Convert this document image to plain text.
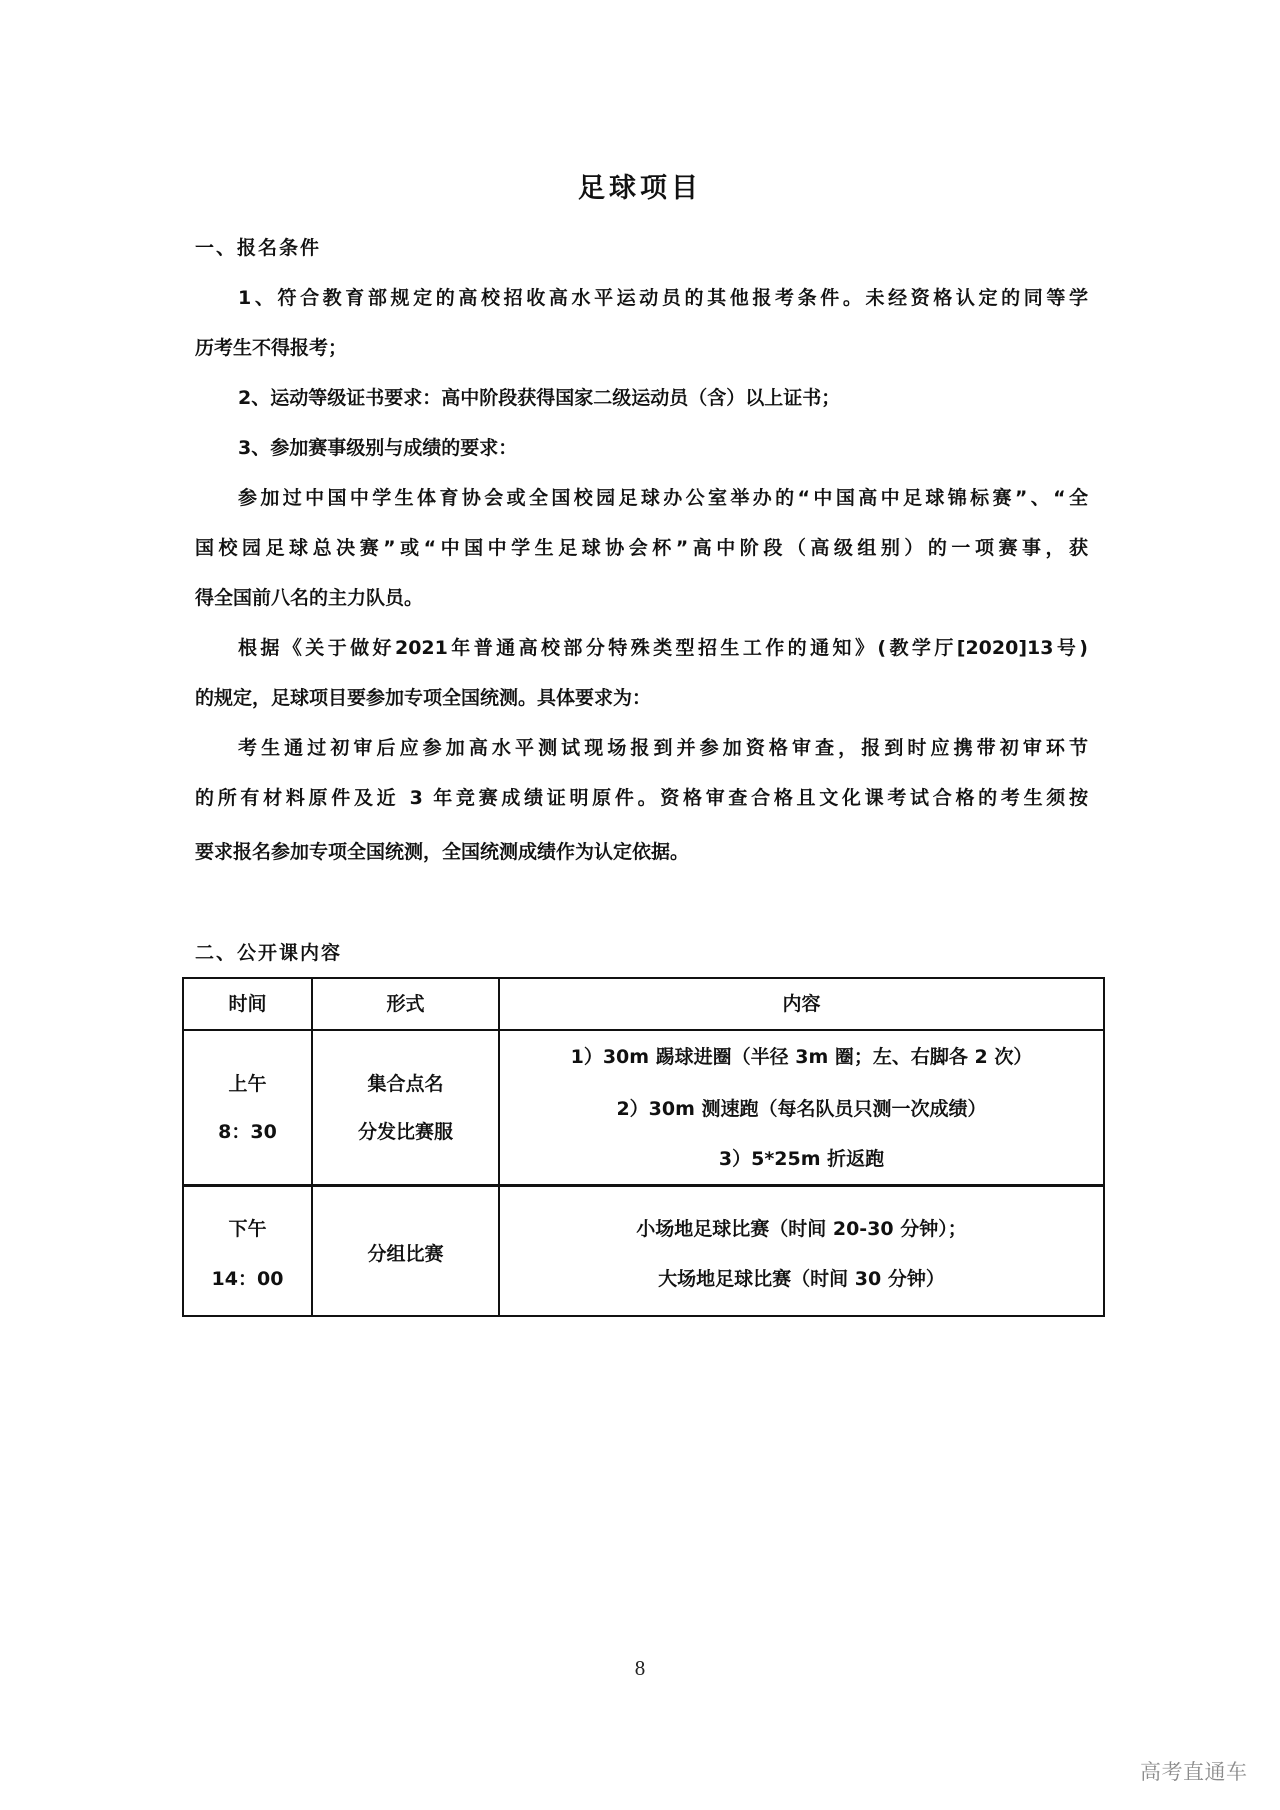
足球项目
一、报名条件
1、符合教育部规定的高校招收高水平运动员的其他报考条件。未经资格认定的同等学
历考生不得报考；
2、运动等级证书要求：高中阶段获得国家二级运动员（含）以上证书；
3、参加赛事级别与成绩的要求：
参加过中国中学生体育协会或全国校园足球办公室举办的“中国高中足球锦标赛”、“全
国校园足球总决赛”或“中国中学生足球协会杯”高中阶段（高级组别）的一项赛事，获
得全国前八名的主力队员。
根据《关于做好2021年普通高校部分特殊类型招生工作的通知》(教学厅[2020]13号)
的规定，足球项目要参加专项全国统测。具体要求为：
考生通过初审后应参加高水平测试现场报到并参加资格审查，报到时应携带初审环节
的所有材料原件及近 3 年竞赛成绩证明原件。资格审查合格且文化课考试合格的考生须按
要求报名参加专项全国统测，全国统测成绩作为认定依据。
二、公开课内容
时间	形式	内容
上午
8：30
集合点名
分发比赛服
1）30m 踢球进圈（半径 3m 圈；左、右脚各 2 次）
2）30m 测速跑（每名队员只测一次成绩）
3）5*25m 折返跑
下午
14：00
分组比赛
小场地足球比赛（时间 20-30 分钟）；
大场地足球比赛（时间 30 分钟）
8
高考直通车
